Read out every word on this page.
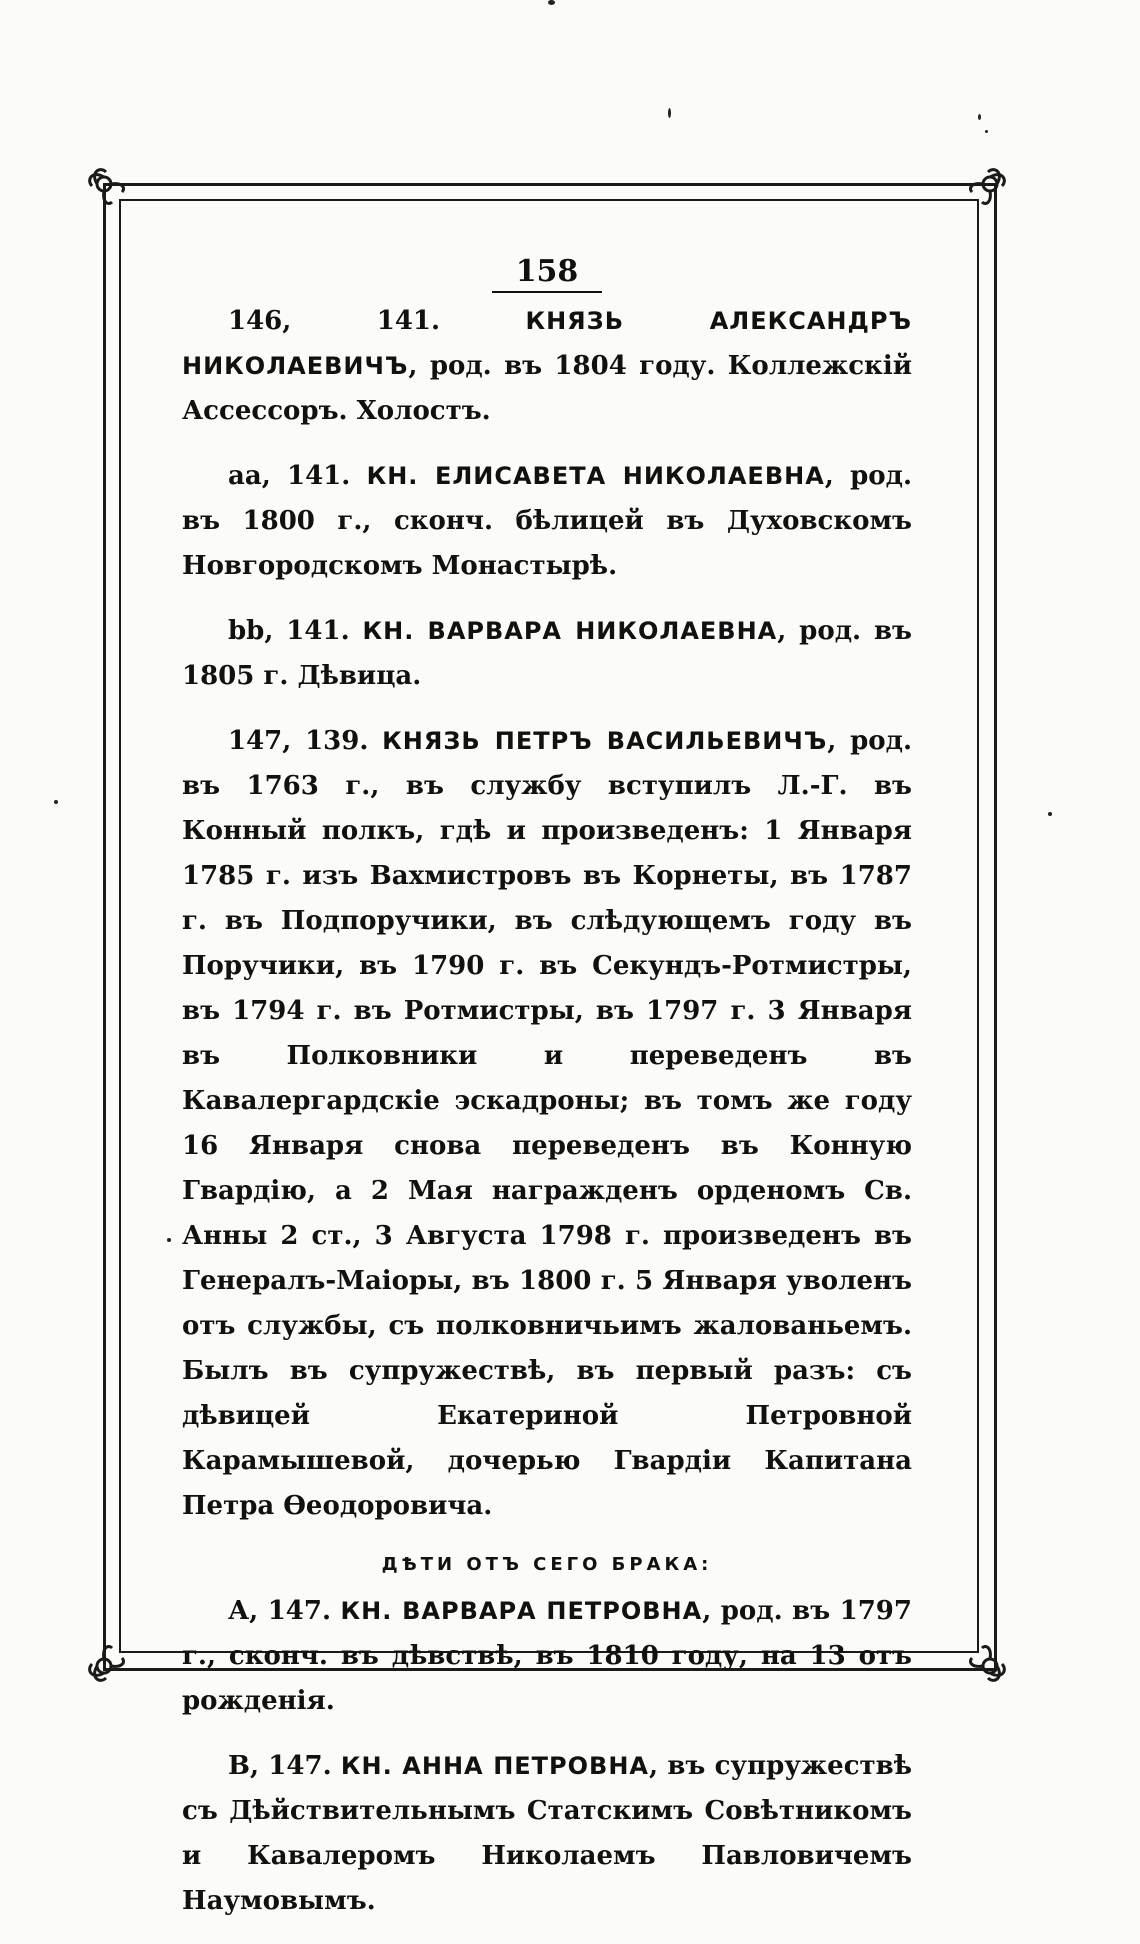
158

146, 141.	КНЯЗЬ АЛЕКСАНДРЪ НИКОЛАЕВИЧЪ, род. въ 1804 году. Коллежскій Ассессоръ. Холостъ.

аа, 141. КН. ЕЛИСАВЕТА НИКОЛАЕВНА, род. въ 1800 г., сконч. бѣлицей въ Духовскомъ Новгородскомъ Монастырѣ.

bb, 141. КН. ВАРВАРА НИКОЛАЕВНА, род. въ 1805 г. Дѣвица.

147, 139. КНЯЗЬ ПЕТРЪ ВАСИЛЬЕВИЧЪ, род. въ 1763 г., въ службу вступилъ Л.-Г. въ Конный полкъ, гдѣ и произведенъ: 1 Января 1785 г. изъ Вахмистровъ въ Корнеты, въ 1787 г. въ Подпоручики, въ слѣдующемъ году въ Поручики, въ 1790 г. въ Секундъ-Ротмистры, въ 1794 г. въ Ротмистры, въ 1797 г. 3 Января въ Полковники и переведенъ въ Кавалергардскіе эскадроны; въ томъ же году 16 Января снова переведенъ въ Конную Гвардію, а 2 Мая награжденъ орденомъ Св. Анны 2 ст., 3 Августа 1798 г. произведенъ въ Генералъ-Маіоры, въ 1800 г. 5 Января уволенъ отъ службы, съ полковничьимъ жалованьемъ. Былъ въ супружествѣ, въ первый разъ: съ дѣвицей Екатериной Петровной Карамышевой, дочерью Гвардіи Капитана Петра Ѳеодоровича.

ДѢТИ ОТЪ СЕГО БРАКА:

А, 147. КН. ВАРВАРА ПЕТРОВНА, род. въ 1797 г., сконч. въ дѣвствѣ, въ 1810 году, на 13 отъ рожденія.

В, 147. КН. АННА ПЕТРОВНА, въ супружествѣ съ Дѣйствительнымъ Статскимъ Совѣтникомъ и Кавалеромъ Николаемъ Павловичемъ Наумовымъ.
